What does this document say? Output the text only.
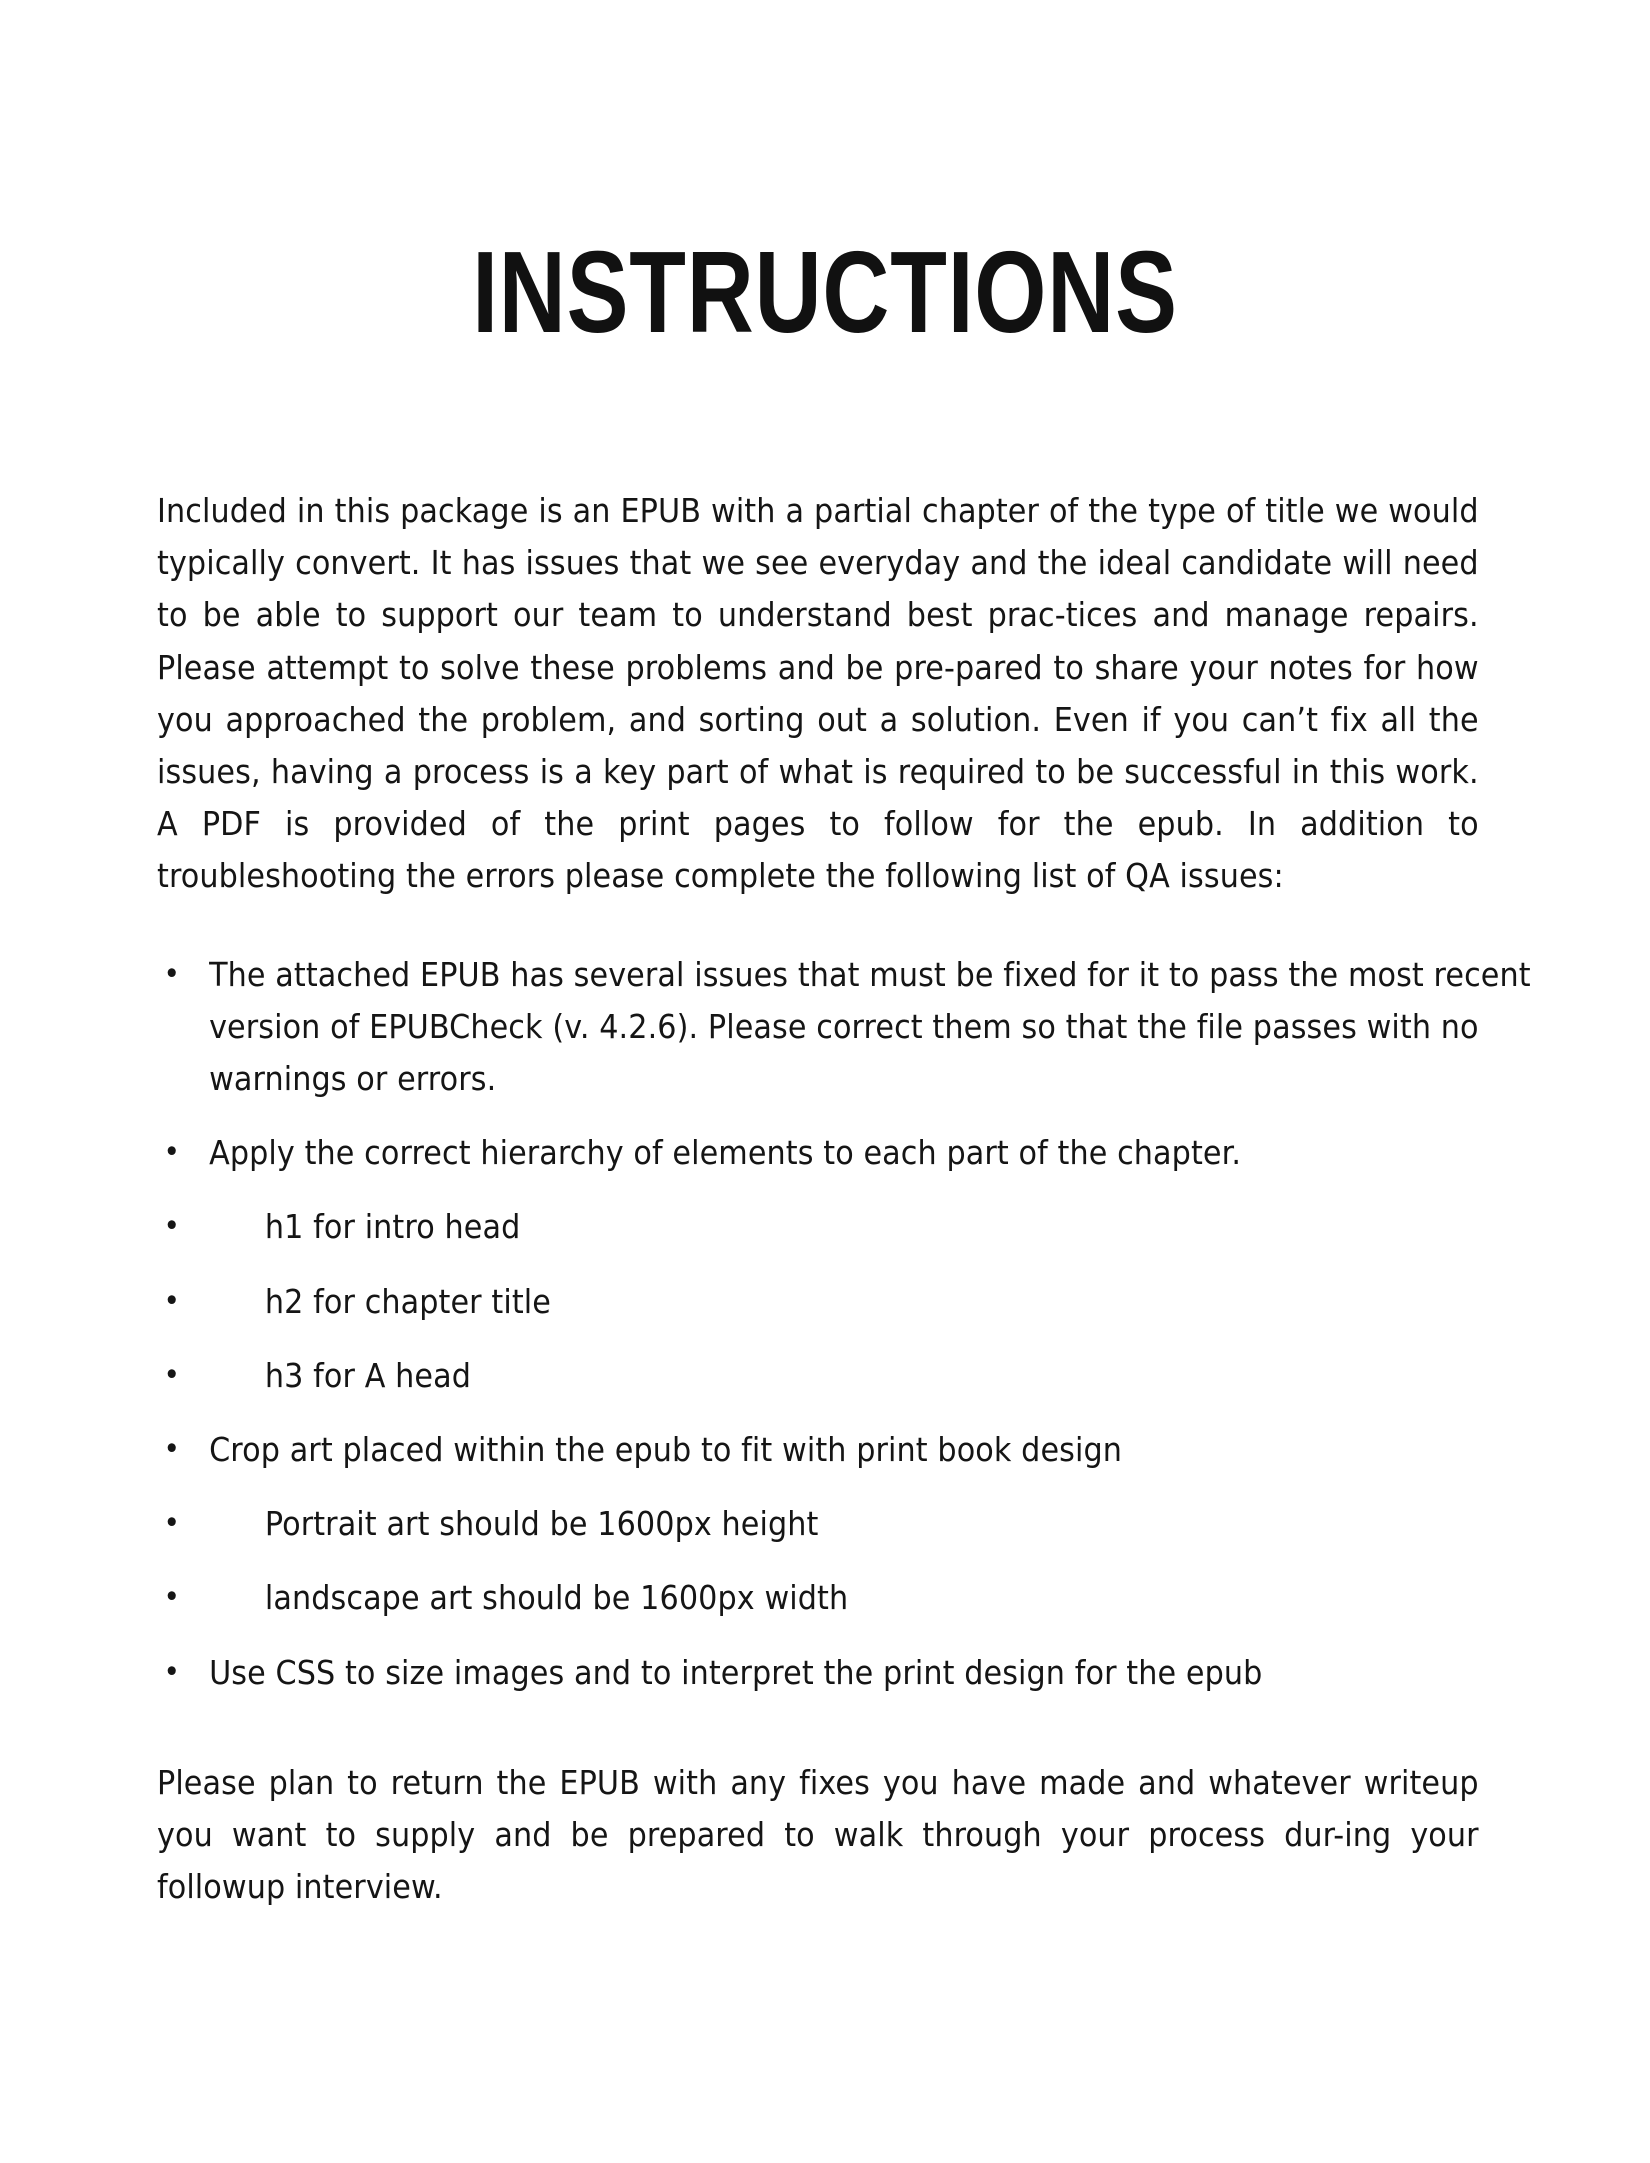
INSTRUCTIONS

Included in this package is an EPUB with a partial chapter of the type of title we would typically convert. It has issues that we see everyday and the ideal candidate will need to be able to support our team to understand best prac-tices and manage repairs. Please attempt to solve these problems and be pre-pared to share your notes for how you approached the problem, and sorting out a solution. Even if you can’t fix all the issues, having a process is a key part of what is required to be successful in this work. A PDF is provided of the print pages to follow for the epub. In addition to troubleshooting the errors please complete the following list of QA issues:

• The attached EPUB has several issues that must be fixed for it to pass the most recent version of EPUBCheck (v. 4.2.6). Please correct them so that the file passes with no warnings or errors.
• Apply the correct hierarchy of elements to each part of the chapter.
•	h1 for intro head
•	h2 for chapter title
•	h3 for A head
• Crop art placed within the epub to fit with print book design
•	Portrait art should be 1600px height
•	landscape art should be 1600px width
• Use CSS to size images and to interpret the print design for the epub

Please plan to return the EPUB with any fixes you have made and whatever writeup you want to supply and be prepared to walk through your process dur-ing your followup interview.
